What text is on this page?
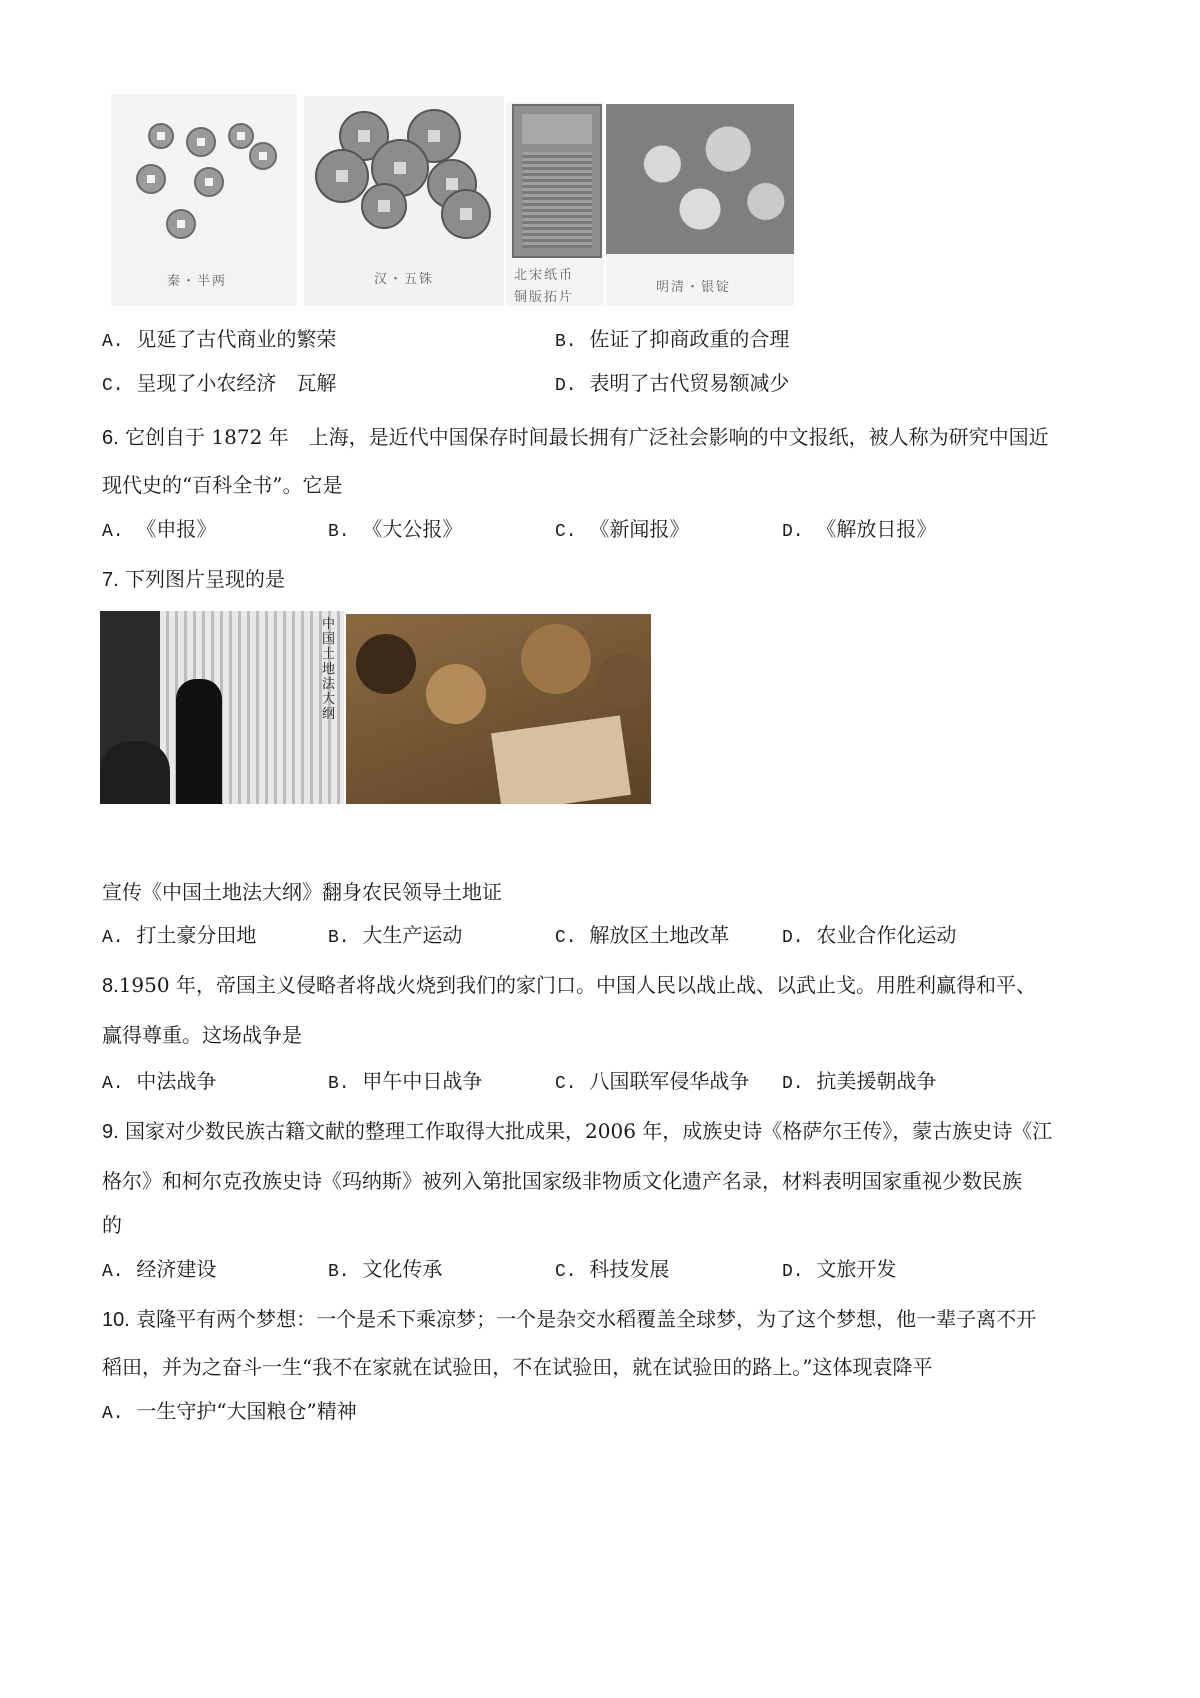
秦・半两	汉・五铢	北宋纸币
铜版拓片
明清・银锭
A. 见延了古代商业的繁荣	B. 佐证了抑商政重的合理
C. 呈现了小农经济　瓦解	D. 表明了古代贸易额减少
6. 它创自于 1872 年　上海，是近代中国保存时间最长拥有广泛社会影响的中文报纸，被人称为研究中国近
现代史的“百科全书”。它是
A. 《申报》	B. 《大公报》	C. 《新闻报》	D. 《解放日报》
7. 下列图片呈现的是
中国土地法大纲
宣传《中国土地法大纲》翻身农民领导土地证
A. 打土豪分田地	B. 大生产运动	C. 解放区土地改革	D. 农业合作化运动
8.1950 年，帝国主义侵略者将战火烧到我们的家门口。中国人民以战止战、以武止戈。用胜利赢得和平、
赢得尊重。这场战争是
A. 中法战争	B. 甲午中日战争	C. 八国联军侵华战争 D. 抗美援朝战争
9. 国家对少数民族古籍文献的整理工作取得大批成果，2006 年，成族史诗《格萨尔王传》，蒙古族史诗《江
格尔》和柯尔克孜族史诗《玛纳斯》被列入第批国家级非物质文化遗产名录，材料表明国家重视少数民族
的
A. 经济建设	B. 文化传承	C. 科技发展	D. 文旅开发
10. 袁隆平有两个梦想：一个是禾下乘凉梦；一个是杂交水稻覆盖全球梦，为了这个梦想，他一辈子离不开
稻田，并为之奋斗一生“我不在家就在试验田，不在试验田，就在试验田的路上。”这体现袁降平
A. 一生守护“大国粮仓”精神
